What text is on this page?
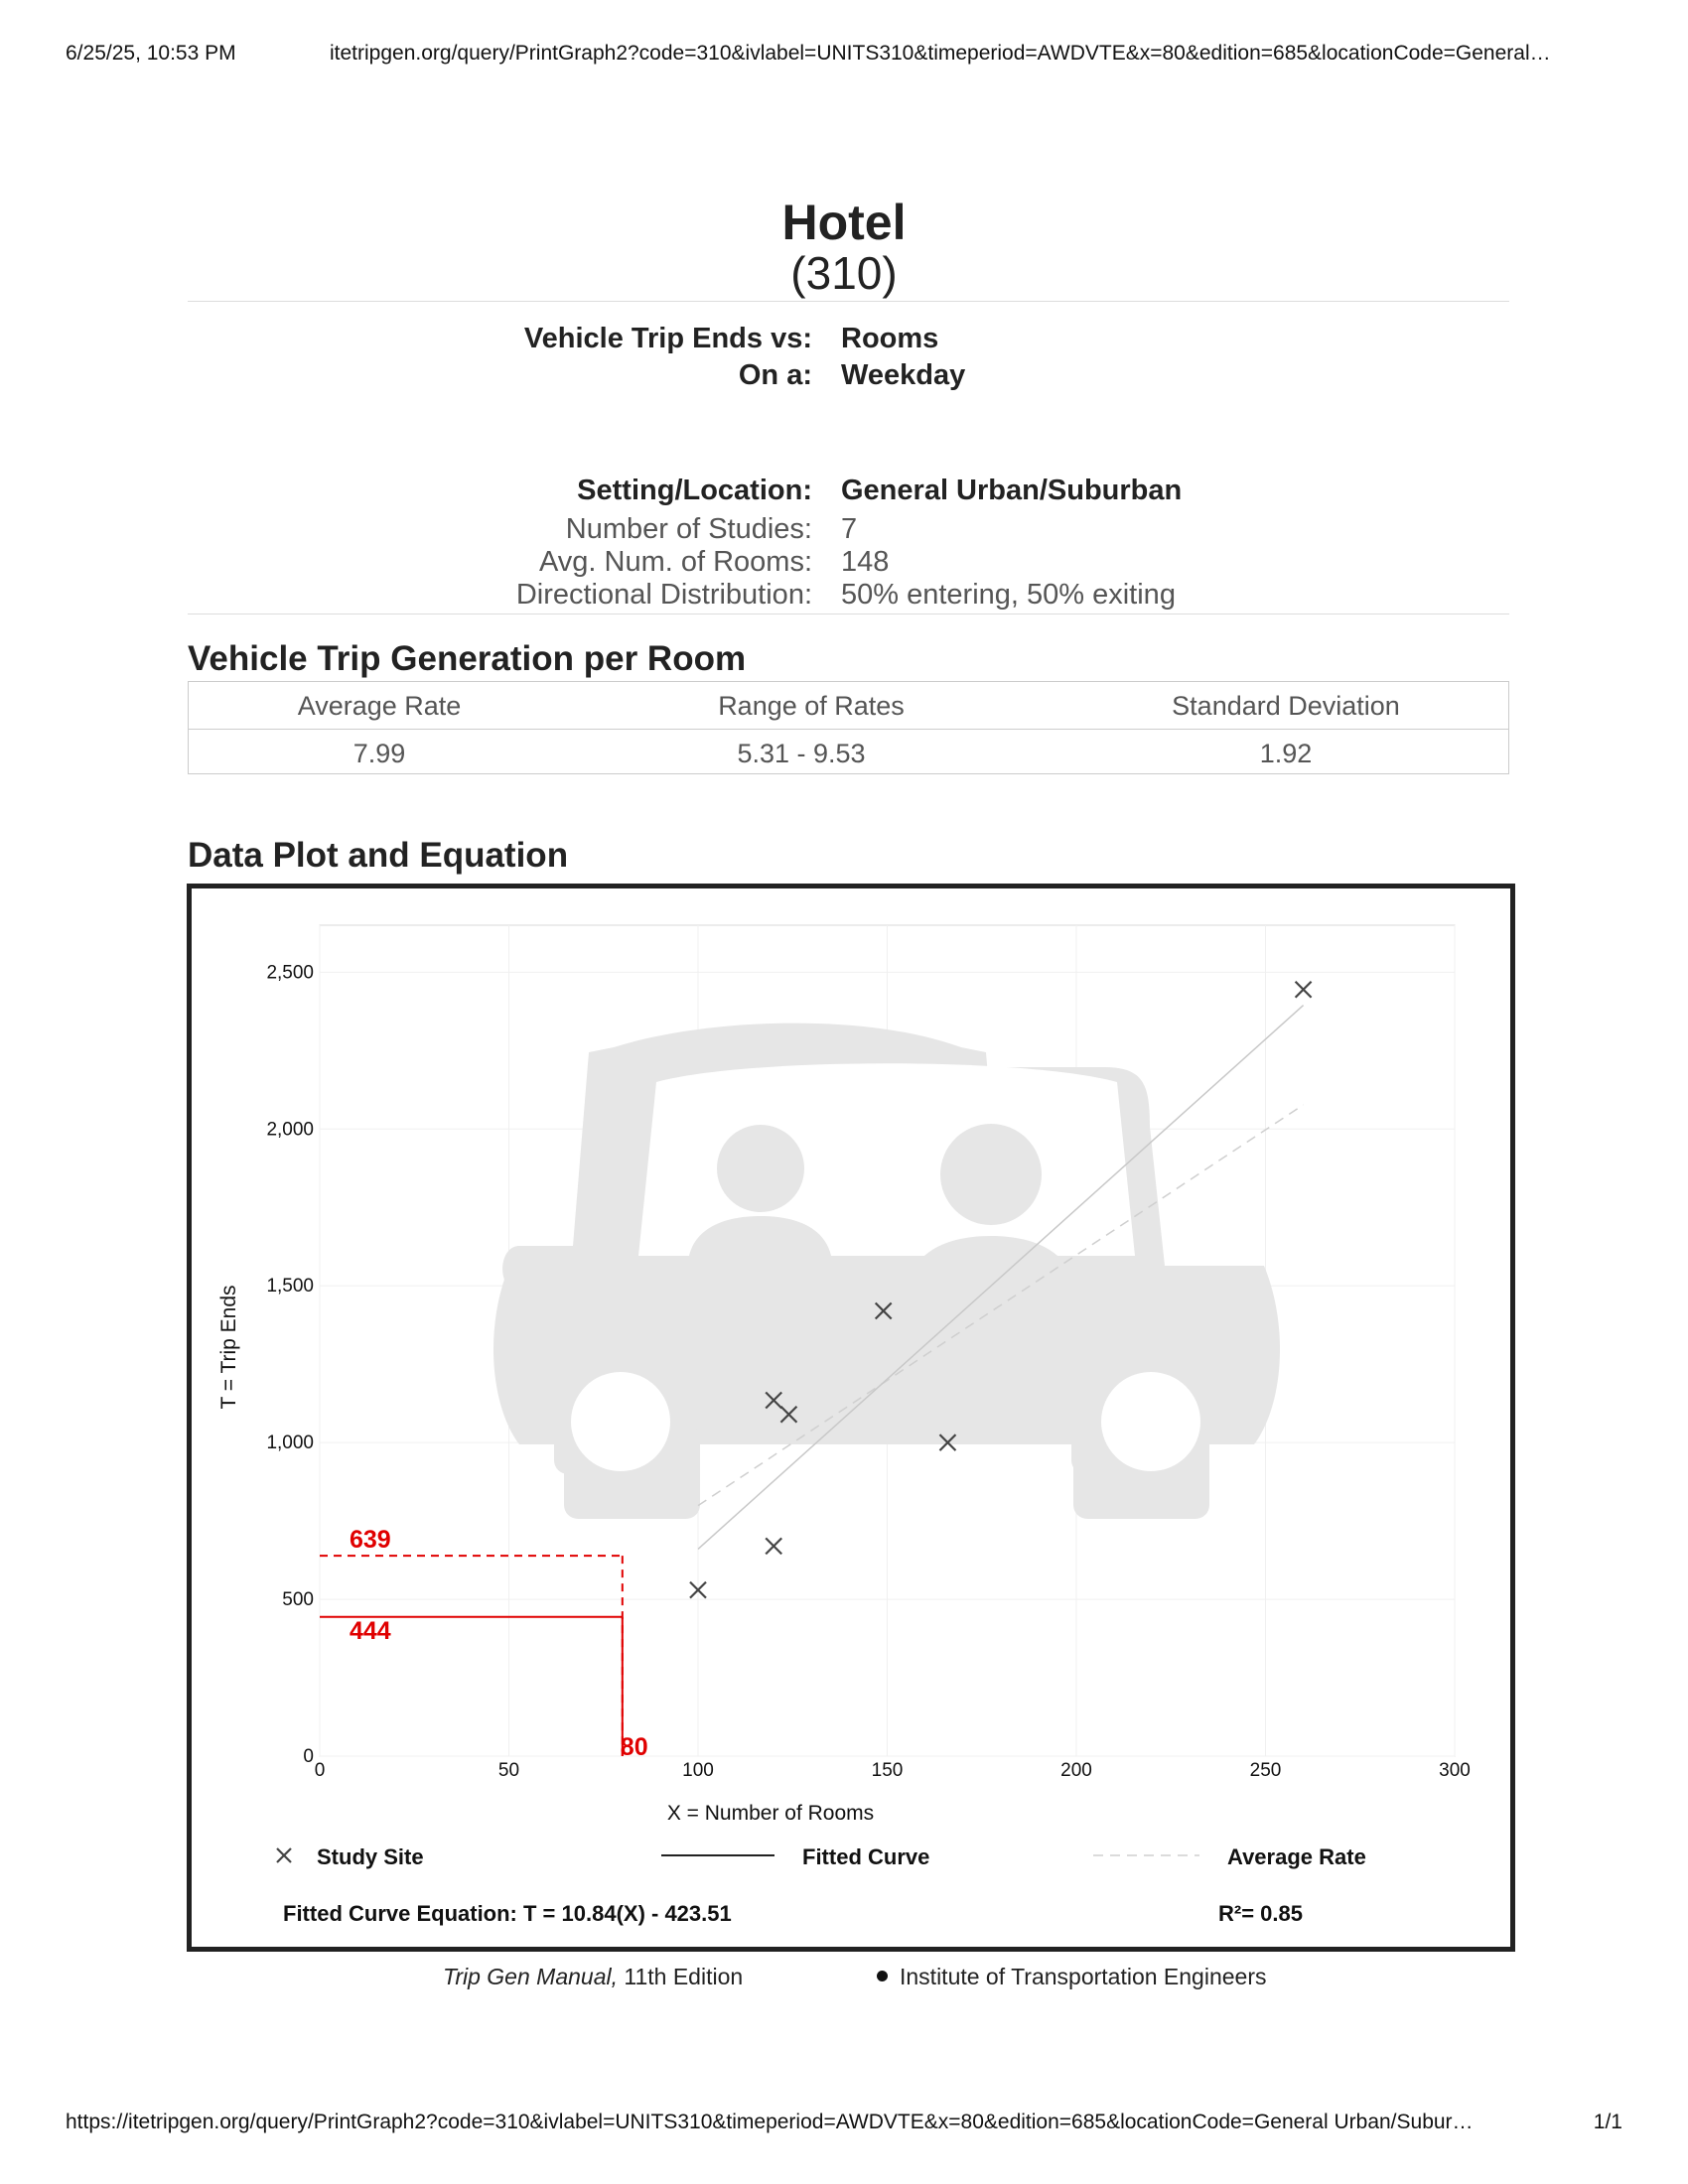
6/25/25, 10:53 PM	itetripgen.org/query/PrintGraph2?code=310&ivlabel=UNITS310&timeperiod=AWDVTE&x=80&edition=685&locationCode=General…
Hotel
(310)
Vehicle Trip Ends vs: Rooms
On a: Weekday
Setting/Location: General Urban/Suburban
Number of Studies: 7
Avg. Num. of Rooms: 148
Directional Distribution: 50% entering, 50% exiting
Vehicle Trip Generation per Room
Average Rate	Range of Rates	Standard Deviation
7.99	5.31 - 9.53	1.92
Data Plot and Equation
X = Number of Rooms
T = Trip Ends
0	50	100	150	200	250	300
0
500
1,000
1,500
2,000
2,500
639
444
80
Study Site	Fitted Curve	Average Rate
Fitted Curve Equation: T = 10.84(X) - 423.51	R²= 0.85
Trip Gen Manual, 11th Edition	Institute of Transportation Engineers
https://itetripgen.org/query/PrintGraph2?code=310&ivlabel=UNITS310&timeperiod=AWDVTE&x=80&edition=685&locationCode=General Urban/Subur…	1/1
